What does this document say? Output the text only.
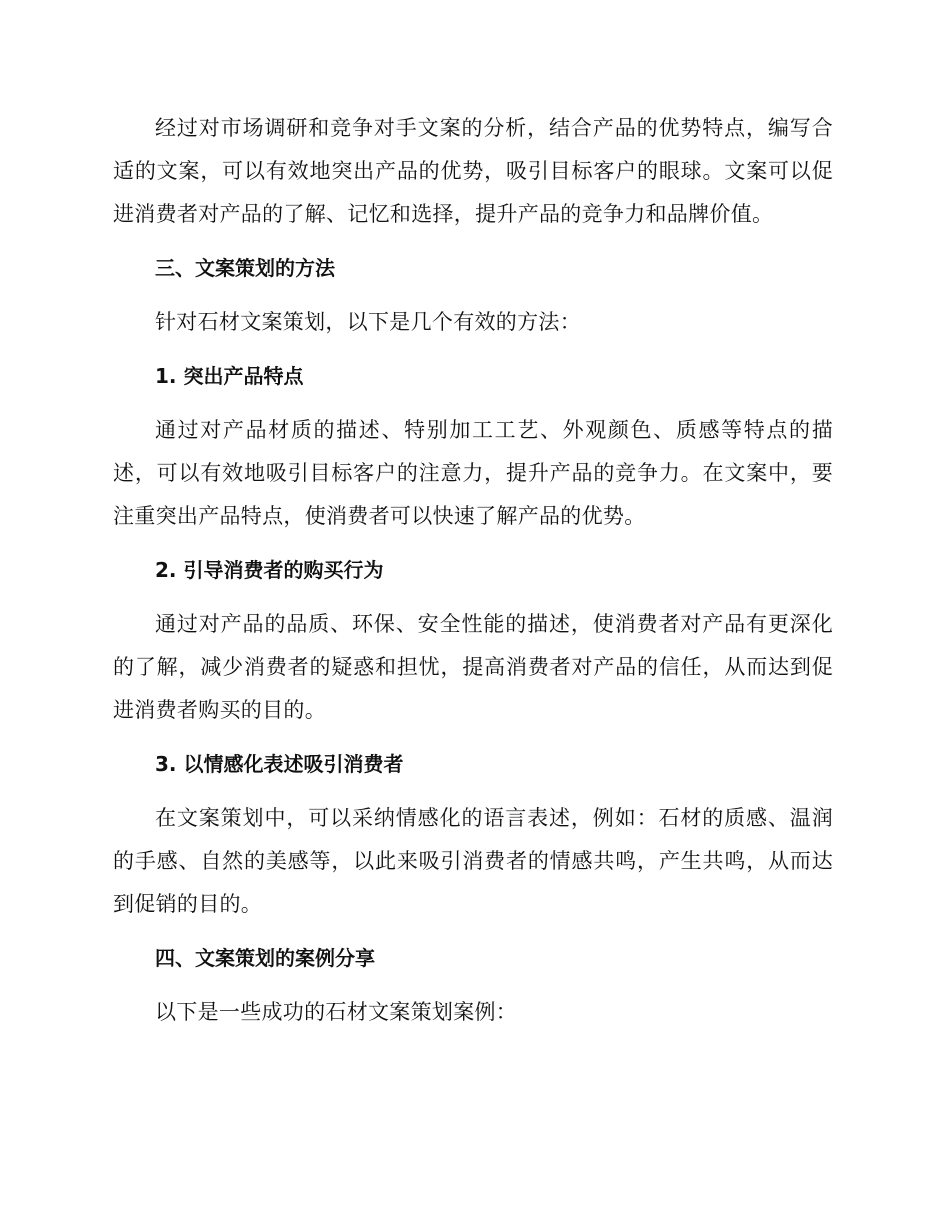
经过对市场调研和竞争对手文案的分析，结合产品的优势特点，编写合适的文案，可以有效地突出产品的优势，吸引目标客户的眼球。文案可以促进消费者对产品的了解、记忆和选择，提升产品的竞争力和品牌价值。

三、文案策划的方法

针对石材文案策划，以下是几个有效的方法：

1. 突出产品特点

通过对产品材质的描述、特别加工工艺、外观颜色、质感等特点的描述，可以有效地吸引目标客户的注意力，提升产品的竞争力。在文案中，要注重突出产品特点，使消费者可以快速了解产品的优势。

2. 引导消费者的购买行为

通过对产品的品质、环保、安全性能的描述，使消费者对产品有更深化的了解，减少消费者的疑惑和担忧，提高消费者对产品的信任，从而达到促进消费者购买的目的。

3. 以情感化表述吸引消费者

在文案策划中，可以采纳情感化的语言表述，例如：石材的质感、温润的手感、自然的美感等，以此来吸引消费者的情感共鸣，产生共鸣，从而达到促销的目的。

四、文案策划的案例分享

以下是一些成功的石材文案策划案例：
